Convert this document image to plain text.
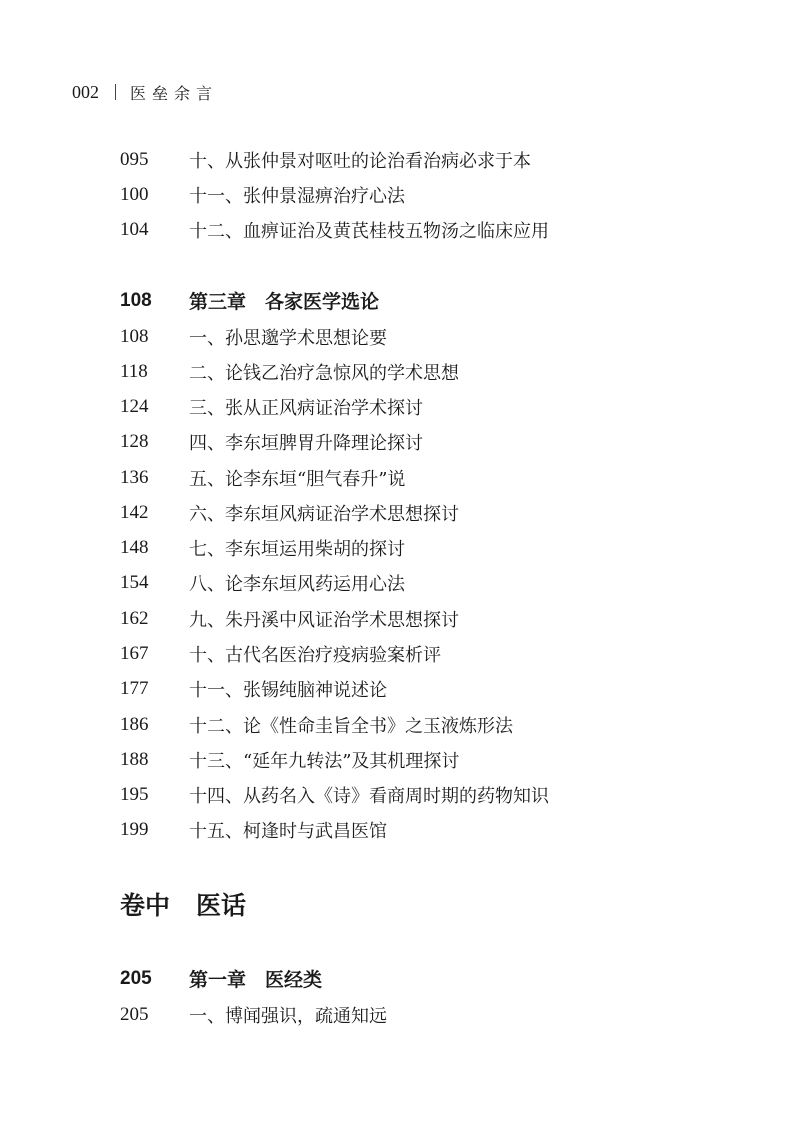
002 医垒余言
095	十、从张仲景对呕吐的论治看治病必求于本
100	十一、张仲景湿痹治疗心法
104	十二、血痹证治及黄芪桂枝五物汤之临床应用
108	第三章　各家医学选论
108	一、孙思邈学术思想论要
118	二、论钱乙治疗急惊风的学术思想
124	三、张从正风病证治学术探讨
128	四、李东垣脾胃升降理论探讨
136	五、论李东垣“胆气春升”说
142	六、李东垣风病证治学术思想探讨
148	七、李东垣运用柴胡的探讨
154	八、论李东垣风药运用心法
162	九、朱丹溪中风证治学术思想探讨
167	十、古代名医治疗疫病验案析评
177	十一、张锡纯脑神说述论
186	十二、论《性命圭旨全书》之玉液炼形法
188	十三、“延年九转法”及其机理探讨
195	十四、从药名入《诗》看商周时期的药物知识
199	十五、柯逢时与武昌医馆
卷中 医话
205	第一章　医经类
205	一、博闻强识，疏通知远
